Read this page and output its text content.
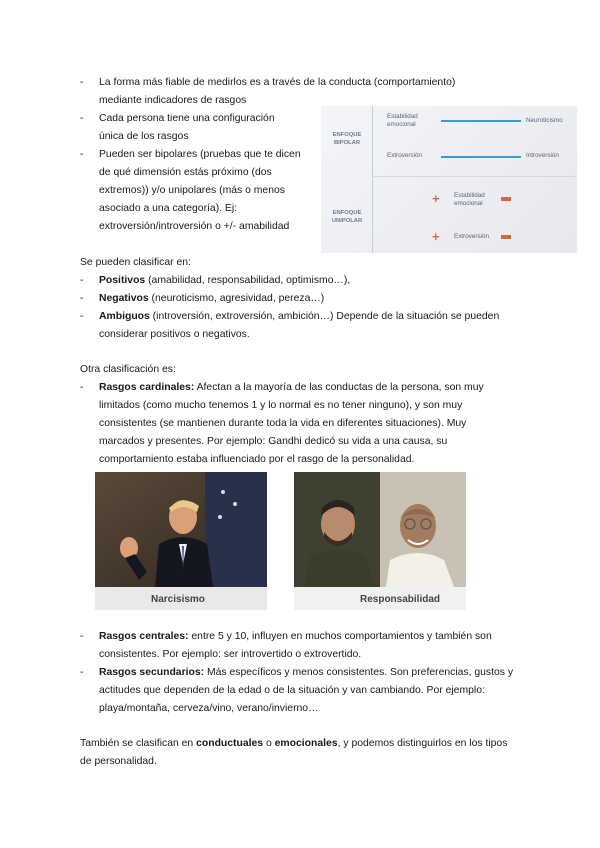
-	La forma más fiable de medirlos es a través de la conducta (comportamiento)
mediante indicadores de rasgos
-	Cada persona tiene una configuración
única de los rasgos
-	Pueden ser bipolares (pruebas que te dicen
de qué dimensión estás próximo (dos
extremos)) y/o unipolares (más o menos
asociado a una categoría). Ej:
extroversión/introversión o +/- amabilidad
ENFOQUE
BIPOLAR
ENFOQUE
UNIPOLAR
Estabilidad
emocional
Neuroticismo
Extroversión	Introversión
+ Estabilidad
emocional
+ Extroversión
Se pueden clasificar en:
-	Positivos (amabilidad, responsabilidad, optimismo…),
-	Negativos (neuroticismo, agresividad, pereza…)
-	Ambiguos (introversión, extroversión, ambición…) Depende de la situación se pueden
considerar positivos o negativos.
Otra clasificación es:
-	Rasgos cardinales: Afectan a la mayoría de las conductas de la persona, son muy
limitados (como mucho tenemos 1 y lo normal es no tener ninguno), y son muy
consistentes (se mantienen durante toda la vida en diferentes situaciones). Muy
marcados y presentes. Por ejemplo: Gandhi dedicó su vida a una causa, su
comportamiento estaba influenciado por el rasgo de la personalidad.
Narcisismo	Responsabilidad
-	Rasgos centrales: entre 5 y 10, influyen en muchos comportamientos y también son
consistentes. Por ejemplo: ser introvertido o extrovertido.
-	Rasgos secundarios: Más específicos y menos consistentes. Son preferencias, gustos y
actitudes que dependen de la edad o de la situación y van cambiando. Por ejemplo:
playa/montaña, cerveza/vino, verano/invierno…
También se clasifican en conductuales o emocionales, y podemos distinguirlos en los tipos
de personalidad.
